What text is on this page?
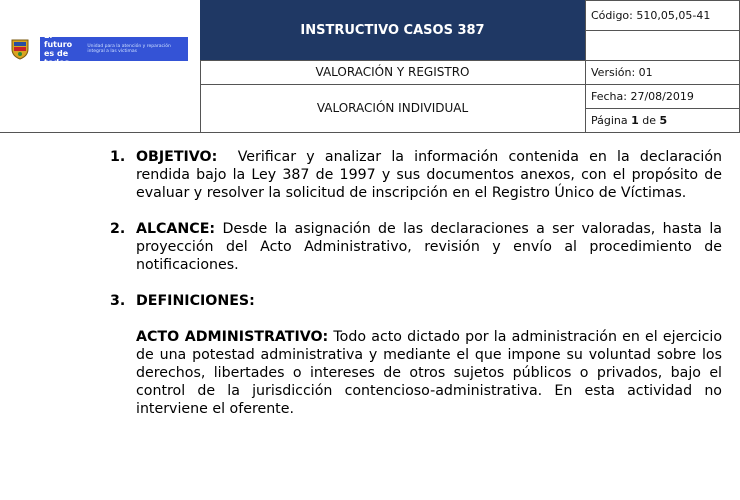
El futuro es de todos
Unidad para la atención y reparación integral a las víctimas
INSTRUCTIVO CASOS 387
VALORACIÓN Y REGISTRO
VALORACIÓN INDIVIDUAL
Código: 510,05,05-41
Versión: 01
Fecha: 27/08/2019
Página
1
de
5
1. OBJETIVO: Verificar y analizar la información contenida en la declaración rendida bajo la Ley 387 de 1997 y sus documentos anexos, con el propósito de evaluar y resolver la solicitud de inscripción en el Registro Único de Víctimas.
2. ALCANCE: Desde la asignación de las declaraciones a ser valoradas, hasta la proyección del Acto Administrativo, revisión y envío al procedimiento de notificaciones.
3. DEFINICIONES:
ACTO ADMINISTRATIVO: Todo acto dictado por la administración en el ejercicio de una potestad administrativa y mediante el que impone su voluntad sobre los derechos, libertades o intereses de otros sujetos públicos o privados, bajo el control de la jurisdicción contencioso-administrativa. En esta actividad no interviene el oferente.
